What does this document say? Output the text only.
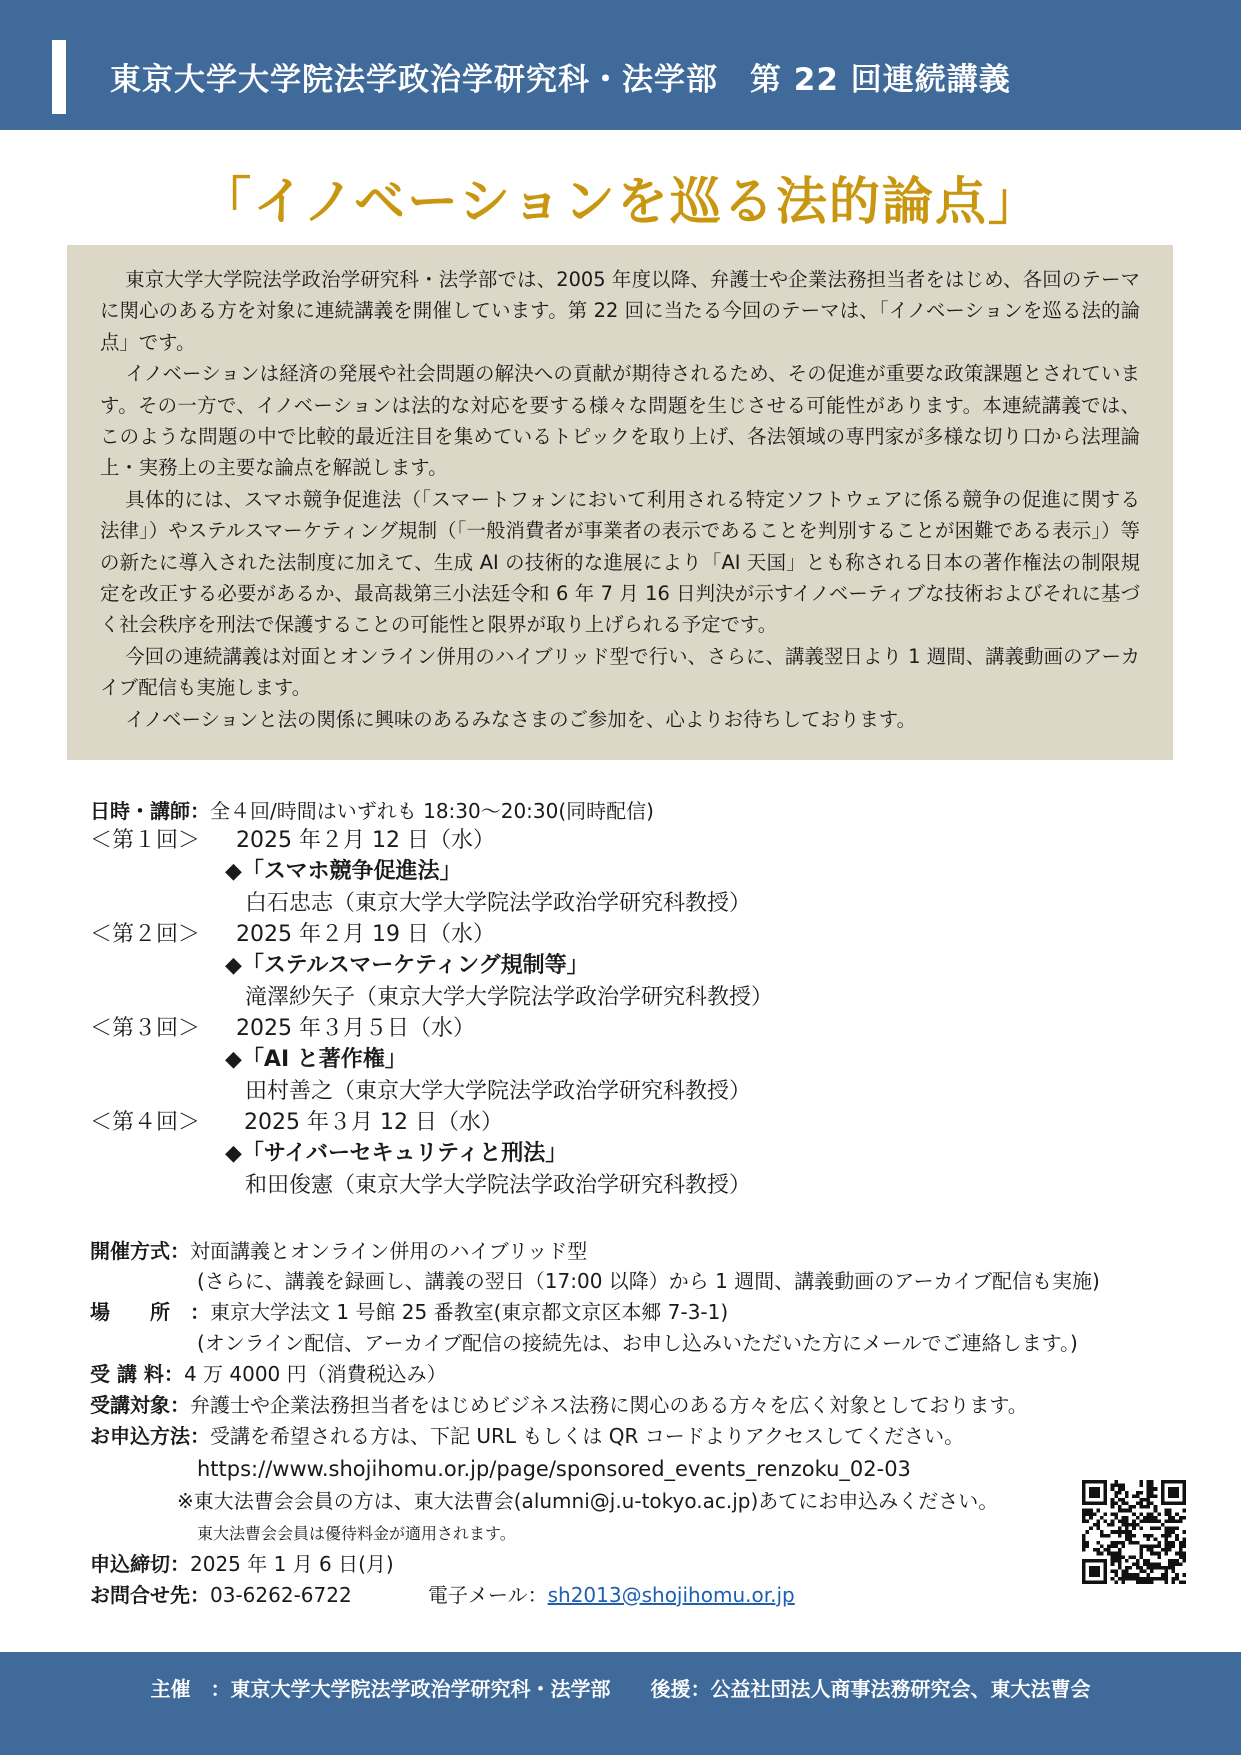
東京大学大学院法学政治学研究科・法学部　第 22 回連続講義
「イノベーションを巡る法的論点」

東京大学大学院法学政治学研究科・法学部では、2005 年度以降、弁護士や企業法務担当者をはじめ、各回のテーマに関心のある方を対象に連続講義を開催しています。第 22 回に当たる今回のテーマは、「イノベーションを巡る法的論点」です。

イノベーションは経済の発展や社会問題の解決への貢献が期待されるため、その促進が重要な政策課題とされています。その一方で、イノベーションは法的な対応を要する様々な問題を生じさせる可能性があります。本連続講義では、このような問題の中で比較的最近注目を集めているトピックを取り上げ、各法領域の専門家が多様な切り口から法理論上・実務上の主要な論点を解説します。

具体的には、スマホ競争促進法（「スマートフォンにおいて利用される特定ソフトウェアに係る競争の促進に関する法律」）やステルスマーケティング規制（「一般消費者が事業者の表示であることを判別することが困難である表示」）等の新たに導入された法制度に加えて、生成 AI の技術的な進展により「AI 天国」とも称される日本の著作権法の制限規定を改正する必要があるか、最高裁第三小法廷令和 6 年 7 月 16 日判決が示すイノベーティブな技術およびそれに基づく社会秩序を刑法で保護することの可能性と限界が取り上げられる予定です。

今回の連続講義は対面とオンライン併用のハイブリッド型で行い、さらに、講義翌日より 1 週間、講義動画のアーカイブ配信も実施します。

イノベーションと法の関係に興味のあるみなさまのご参加を、心よりお待ちしております。

日時・講師：全４回/時間はいずれも 18:30～20:30(同時配信)
＜第１回＞ 2025 年２月 12 日（水）
◆「スマホ競争促進法」
白石忠志（東京大学大学院法学政治学研究科教授）
＜第２回＞ 2025 年２月 19 日（水）
◆「ステルスマーケティング規制等」
滝澤紗矢子（東京大学大学院法学政治学研究科教授）
＜第３回＞ 2025 年３月５日（水）
◆「AI と著作権」
田村善之（東京大学大学院法学政治学研究科教授）
＜第４回＞ 2025 年３月 12 日（水）
◆「サイバーセキュリティと刑法」
和田俊憲（東京大学大学院法学政治学研究科教授）
開催方式：対面講義とオンライン併用のハイブリッド型
(さらに、講義を録画し、講義の翌日（17:00 以降）から 1 週間、講義動画のアーカイブ配信も実施)
場　　所　：東京大学法文 1 号館 25 番教室(東京都文京区本郷 7-3-1)
(オンライン配信、アーカイブ配信の接続先は、お申し込みいただいた方にメールでご連絡します。)
受 講 料：4 万 4000 円（消費税込み）
受講対象：弁護士や企業法務担当者をはじめビジネス法務に関心のある方々を広く対象としております。
お申込方法：受講を希望される方は、下記 URL もしくは QR コードよりアクセスしてください。
https://www.shojihomu.or.jp/page/sponsored_events_renzoku_02-03
※東大法曹会会員の方は、東大法曹会(alumni@j.u-tokyo.ac.jp)あてにお申込みください。
東大法曹会会員は優待料金が適用されます。
申込締切：2025 年 1 月 6 日(月)
お問合せ先：03-6262-6722	電子メール：sh2013@shojihomu.or.jp
主催　：東京大学大学院法学政治学研究科・法学部　　後援：公益社団法人商事法務研究会、東大法曹会
